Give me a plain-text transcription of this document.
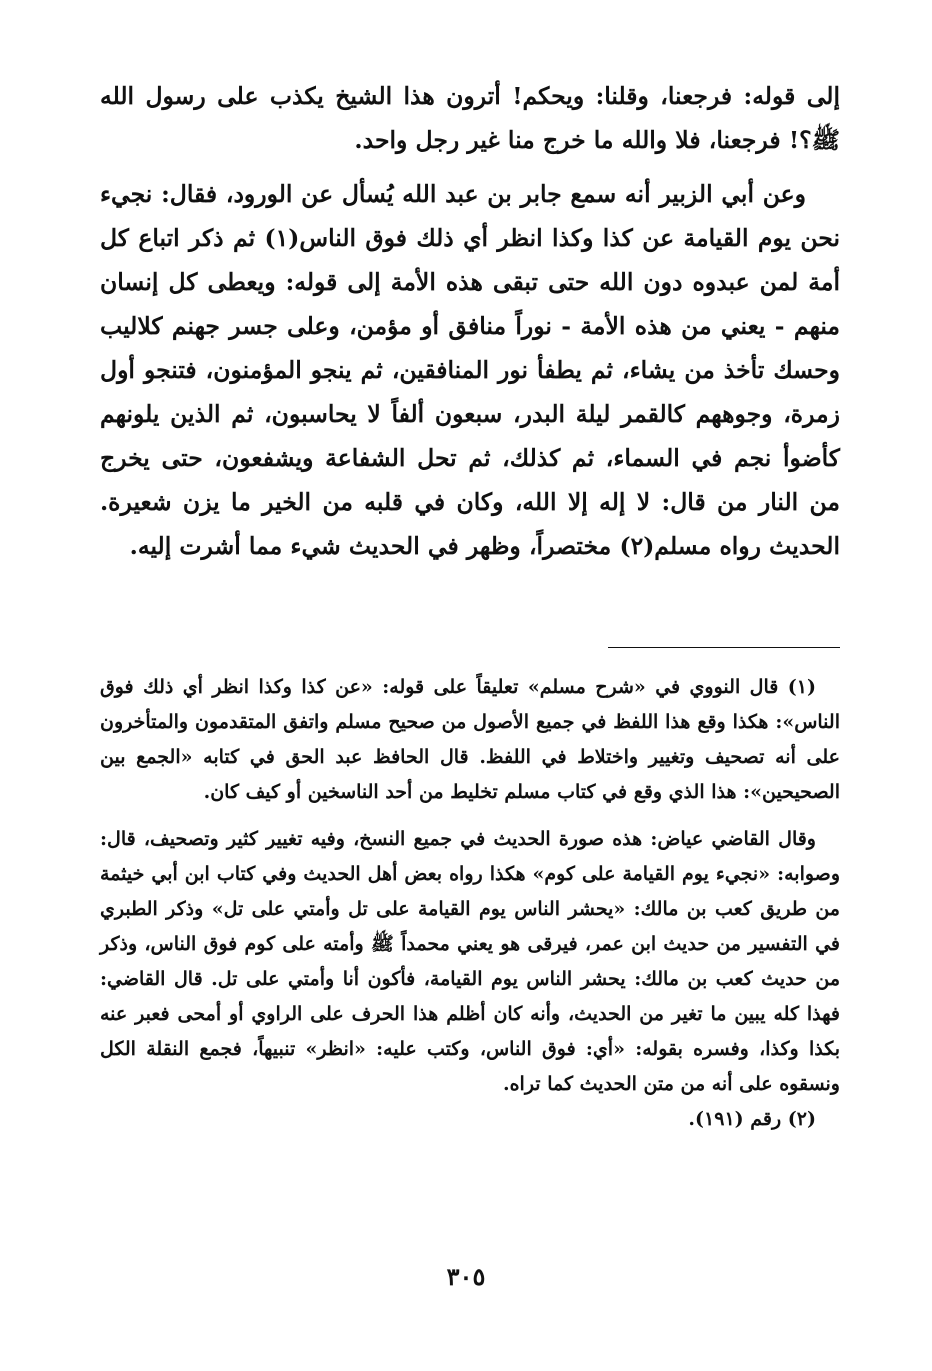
إلى قوله: فرجعنا، وقلنا: ويحكم! أترون هذا الشيخ يكذب على رسول الله ﷺ؟! فرجعنا، فلا والله ما خرج منا غير رجل واحد.

وعن أبي الزبير أنه سمع جابر بن عبد الله يُسأل عن الورود، فقال: نجيء نحن يوم القيامة عن كذا وكذا انظر أي ذلك فوق الناس(١) ثم ذكر اتباع كل أمة لمن عبدوه دون الله حتى تبقى هذه الأمة إلى قوله: ويعطى كل إنسان منهم - يعني من هذه الأمة - نوراً منافق أو مؤمن، وعلى جسر جهنم كلاليب وحسك تأخذ من يشاء، ثم يطفأ نور المنافقين، ثم ينجو المؤمنون، فتنجو أول زمرة، وجوههم كالقمر ليلة البدر، سبعون ألفاً لا يحاسبون، ثم الذين يلونهم كأضوأ نجم في السماء، ثم كذلك، ثم تحل الشفاعة ويشفعون، حتى يخرج من النار من قال: لا إله إلا الله، وكان في قلبه من الخير ما يزن شعيرة. الحديث رواه مسلم(٢) مختصراً، وظهر في الحديث شيء مما أشرت إليه.

(١) قال النووي في «شرح مسلم» تعليقاً على قوله: «عن كذا وكذا انظر أي ذلك فوق الناس»: هكذا وقع هذا اللفظ في جميع الأصول من صحيح مسلم واتفق المتقدمون والمتأخرون على أنه تصحيف وتغيير واختلاط في اللفظ. قال الحافظ عبد الحق في كتابه «الجمع بين الصحيحين»: هذا الذي وقع في كتاب مسلم تخليط من أحد الناسخين أو كيف كان.

وقال القاضي عياض: هذه صورة الحديث في جميع النسخ، وفيه تغيير كثير وتصحيف، قال: وصوابه: «نجيء يوم القيامة على كوم» هكذا رواه بعض أهل الحديث وفي كتاب ابن أبي خيثمة من طريق كعب بن مالك: «يحشر الناس يوم القيامة على تل وأمتي على تل» وذكر الطبري في التفسير من حديث ابن عمر، فيرقى هو يعني محمداً ﷺ وأمته على كوم فوق الناس، وذكر من حديث كعب بن مالك: يحشر الناس يوم القيامة، فأكون أنا وأمتي على تل. قال القاضي: فهذا كله يبين ما تغير من الحديث، وأنه كان أظلم هذا الحرف على الراوي أو أمحى فعبر عنه بكذا وكذا، وفسره بقوله: «أي: فوق الناس، وكتب عليه: «انظر» تنبيهاً، فجمع النقلة الكل ونسقوه على أنه من متن الحديث كما تراه.

(٢) رقم (١٩١).

٣٠٥
